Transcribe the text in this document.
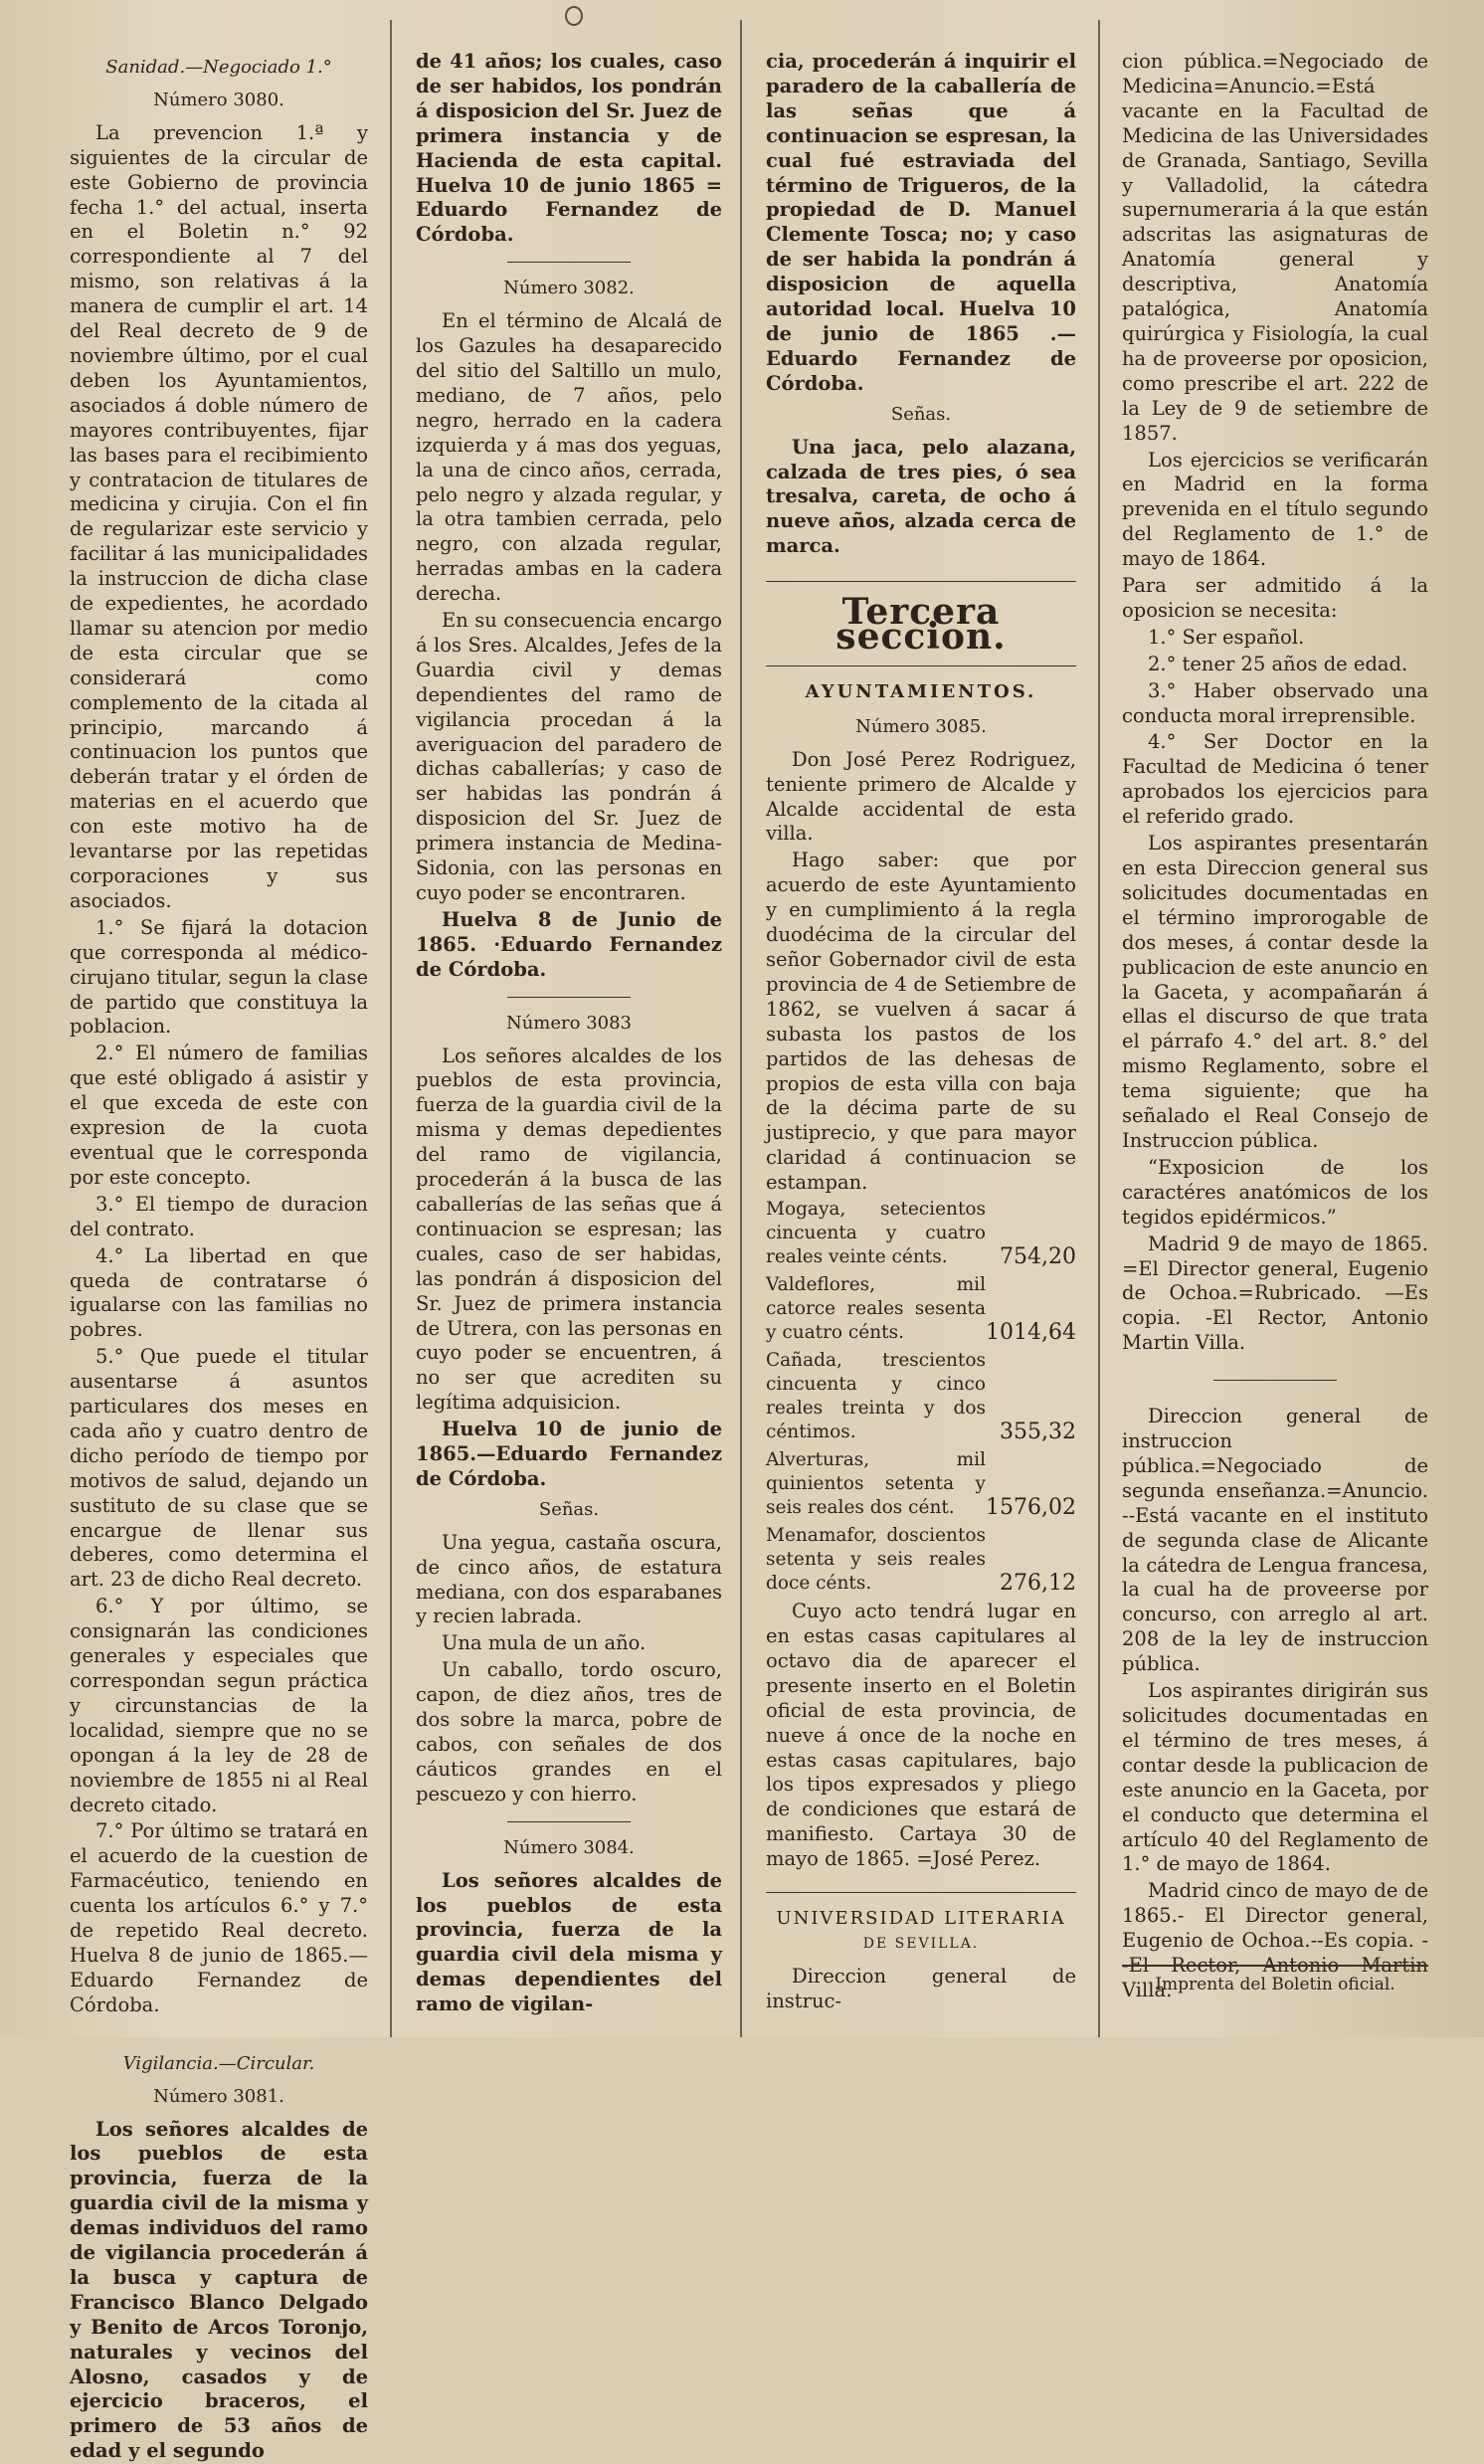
Sanidad.—Negociado 1.°

Número 3080.

La prevencion 1.ª y siguientes de la circular de este Gobierno de provincia fecha 1.° del actual, inserta en el Boletin n.° 92 correspondiente al 7 del mismo, son relativas á la manera de cumplir el art. 14 del Real decreto de 9 de noviembre último, por el cual deben los Ayuntamientos, asociados á doble número de mayores contribuyentes, fijar las bases para el recibimiento y contratacion de titulares de medicina y cirujia. Con el fin de regularizar este servicio y facilitar á las municipalidades la instruccion de dicha clase de expedientes, he acordado llamar su atencion por medio de esta circular que se considerará como complemento de la citada al principio, marcando á continuacion los puntos que deberán tratar y el órden de materias en el acuerdo que con este motivo ha de levantarse por las repetidas corporaciones y sus asociados.

1.° Se fijará la dotacion que corresponda al médico-cirujano titular, segun la clase de partido que constituya la poblacion.

2.° El número de familias que esté obligado á asistir y el que exceda de este con expresion de la cuota eventual que le corresponda por este concepto.

3.° El tiempo de duracion del contrato.

4.° La libertad en que queda de contratarse ó igualarse con las familias no pobres.

5.° Que puede el titular ausentarse á asuntos particulares dos meses en cada año y cuatro dentro de dicho período de tiempo por motivos de salud, dejando un sustituto de su clase que se encargue de llenar sus deberes, como determina el art. 23 de dicho Real decreto.

6.° Y por último, se consignarán las condiciones generales y especiales que correspondan segun práctica y circunstancias de la localidad, siempre que no se opongan á la ley de 28 de noviembre de 1855 ni al Real decreto citado.

7.° Por último se tratará en el acuerdo de la cuestion de Farmacéutico, teniendo en cuenta los artículos 6.° y 7.° de repetido Real decreto. Huelva 8 de junio de 1865.— Eduardo Fernandez de Córdoba.

Vigilancia.—Circular.

Número 3081.

Los señores alcaldes de los pueblos de esta provincia, fuerza de la guardia civil de la misma y demas individuos del ramo de vigilancia procederán á la busca y captura de Francisco Blanco Delgado y Benito de Arcos Toronjo, naturales y vecinos del Alosno, casados y de ejercicio braceros, el primero de 53 años de edad y el segundo

de 41 años; los cuales, caso de ser habidos, los pondrán á disposicion del Sr. Juez de primera instancia y de Hacienda de esta capital. Huelva 10 de junio 1865 = Eduardo Fernandez de Córdoba.

Número 3082.

En el término de Alcalá de los Gazules ha desaparecido del sitio del Saltillo un mulo, mediano, de 7 años, pelo negro, herrado en la cadera izquierda y á mas dos yeguas, la una de cinco años, cerrada, pelo negro y alzada regular, y la otra tambien cerrada, pelo negro, con alzada regular, herradas ambas en la cadera derecha.

En su consecuencia encargo á los Sres. Alcaldes, Jefes de la Guardia civil y demas dependientes del ramo de vigilancia procedan á la averiguacion del paradero de dichas caballerías; y caso de ser habidas las pondrán á disposicion del Sr. Juez de primera instancia de Medina-Sidonia, con las personas en cuyo poder se encontraren.

Huelva 8 de Junio de 1865. ·Eduardo Fernandez de Córdoba.

Número 3083

Los señores alcaldes de los pueblos de esta provincia, fuerza de la guardia civil de la misma y demas depedientes del ramo de vigilancia, procederán á la busca de las caballerías de las señas que á continuacion se espresan; las cuales, caso de ser habidas, las pondrán á disposicion del Sr. Juez de primera instancia de Utrera, con las personas en cuyo poder se encuentren, á no ser que acrediten su legítima adquisicion.

Huelva 10 de junio de 1865.—Eduardo Fernandez de Córdoba.

Señas.

Una yegua, castaña oscura, de cinco años, de estatura mediana, con dos esparabanes y recien labrada.

Una mula de un año.

Un caballo, tordo oscuro, capon, de diez años, tres de dos sobre la marca, pobre de cabos, con señales de dos cáuticos grandes en el pescuezo y con hierro.

Número 3084.

Los señores alcaldes de los pueblos de esta provincia, fuerza de la guardia civil dela misma y demas dependientes del ramo de vigilan-

cia, procederán á inquirir el paradero de la caballería de las señas que á continuacion se espresan, la cual fué estraviada del término de Trigueros, de la propiedad de D. Manuel Clemente Tosca; no; y caso de ser habida la pondrán á disposicion de aquella autoridad local. Huelva 10 de junio de 1865 .— Eduardo Fernandez de Córdoba.

Señas.

Una jaca, pelo alazana, calzada de tres pies, ó sea tresalva, careta, de ocho á nueve años, alzada cerca de marca.

Tercera seccion.
AYUNTAMIENTOS.

Número 3085.

Don José Perez Rodriguez, teniente primero de Alcalde y Alcalde accidental de esta villa.

Hago saber: que por acuerdo de este Ayuntamiento y en cumplimiento á la regla duodécima de la circular del señor Gobernador civil de esta provincia de 4 de Setiembre de 1862, se vuelven á sacar á subasta los pastos de los partidos de las dehesas de propios de esta villa con baja de la décima parte de su justiprecio, y que para mayor claridad á continuacion se estampan.

Mogaya, setecientos cincuenta y cuatro reales veinte cénts.	754,20
Valdeflores, mil catorce reales sesenta y cuatro cénts.	1014,64
Cañada, trescientos cincuenta y cinco reales treinta y dos céntimos.	355,32
Alverturas, mil quinientos setenta y seis reales dos cént.	1576,02
Menamafor, doscientos setenta y seis reales doce cénts.	276,12

Cuyo acto tendrá lugar en en estas casas capitulares al octavo dia de aparecer el presente inserto en el Boletin oficial de esta provincia, de nueve á once de la noche en estas casas capitulares, bajo los tipos expresados y pliego de condiciones que estará de manifiesto. Cartaya 30 de mayo de 1865. =José Perez.

UNIVERSIDAD LITERARIA

DE SEVILLA.

Direccion general de instruc-

cion pública.=Negociado de Medicina=Anuncio.=Está vacante en la Facultad de Medicina de las Universidades de Granada, Santiago, Sevilla y Valladolid, la cátedra supernumeraria á la que están adscritas las asignaturas de Anatomía general y descriptiva, Anatomía patalógica, Anatomía quirúrgica y Fisiología, la cual ha de proveerse por oposicion, como prescribe el art. 222 de la Ley de 9 de setiembre de 1857.

Los ejercicios se verificarán en Madrid en la forma prevenida en el título segundo del Reglamento de 1.° de mayo de 1864.

Para ser admitido á la oposicion se necesita:

1.° Ser español.

2.° tener 25 años de edad.

3.° Haber observado una conducta moral irreprensible.

4.° Ser Doctor en la Facultad de Medicina ó tener aprobados los ejercicios para el referido grado.

Los aspirantes presentarán en esta Direccion general sus solicitudes documentadas en el término improrogable de dos meses, á contar desde la publicacion de este anuncio en la Gaceta, y acompañarán á ellas el discurso de que trata el párrafo 4.° del art. 8.° del mismo Reglamento, sobre el tema siguiente; que ha señalado el Real Consejo de Instruccion pública.

“Exposicion de los caractéres anatómicos de los tegidos epidérmicos.”

Madrid 9 de mayo de 1865. =El Director general, Eugenio de Ochoa.=Rubricado. —Es copia. -El Rector, Antonio Martin Villa.

Direccion general de instruccion pública.=Negociado de segunda enseñanza.=Anuncio. --Está vacante en el instituto de segunda clase de Alicante la cátedra de Lengua francesa, la cual ha de proveerse por concurso, con arreglo al art. 208 de la ley de instruccion pública.

Los aspirantes dirigirán sus solicitudes documentadas en el término de tres meses, á contar desde la publicacion de este anuncio en la Gaceta, por el conducto que determina el artículo 40 del Reglamento de 1.° de mayo de 1864.

Madrid cinco de mayo de de 1865.- El Director general, Eugenio de Ochoa.--Es copia. --El Rector, Antonio Martin Villa.

Imprenta del Boletin oficial.
